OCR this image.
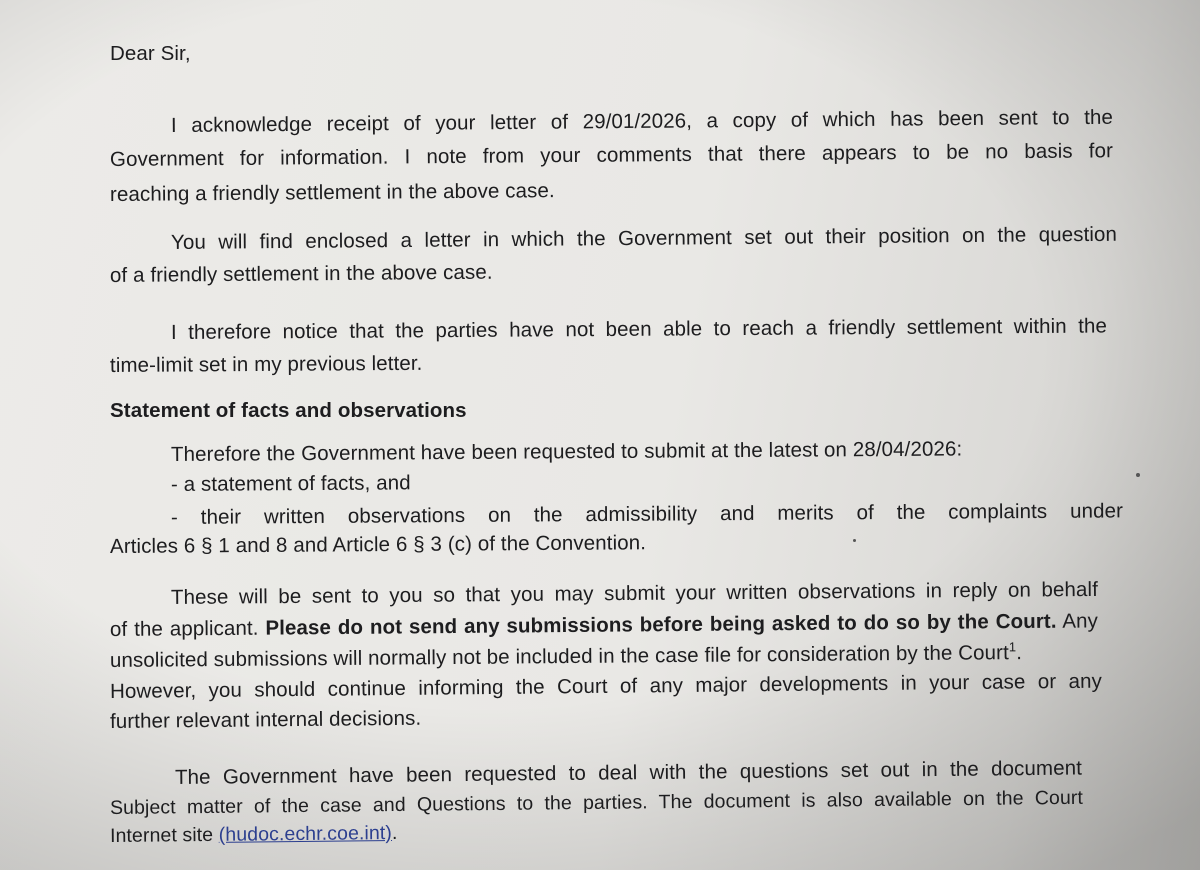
Dear Sir,

I acknowledge receipt of your letter of 29/01/2026, a copy of which has been sent to the

Government for information. I note from your comments that there appears to be no basis for

reaching a friendly settlement in the above case.

You will find enclosed a letter in which the Government set out their position on the question

of a friendly settlement in the above case.

I therefore notice that the parties have not been able to reach a friendly settlement within the

time-limit set in my previous letter.

Statement of facts and observations

Therefore the Government have been requested to submit at the latest on 28/04/2026:

- a statement of facts, and

- their written observations on the admissibility and merits of the complaints under

Articles 6 § 1 and 8 and Article 6 § 3 (c) of the Convention.

These will be sent to you so that you may submit your written observations in reply on behalf

of the applicant. Please do not send any submissions before being asked to do so by the Court. Any

unsolicited submissions will normally not be included in the case file for consideration by the Court$^1$.

However, you should continue informing the Court of any major developments in your case or any

further relevant internal decisions.

The Government have been requested to deal with the questions set out in the document

Subject matter of the case and Questions to the parties. The document is also available on the Court

Internet site (hudoc.echr.coe.int).
